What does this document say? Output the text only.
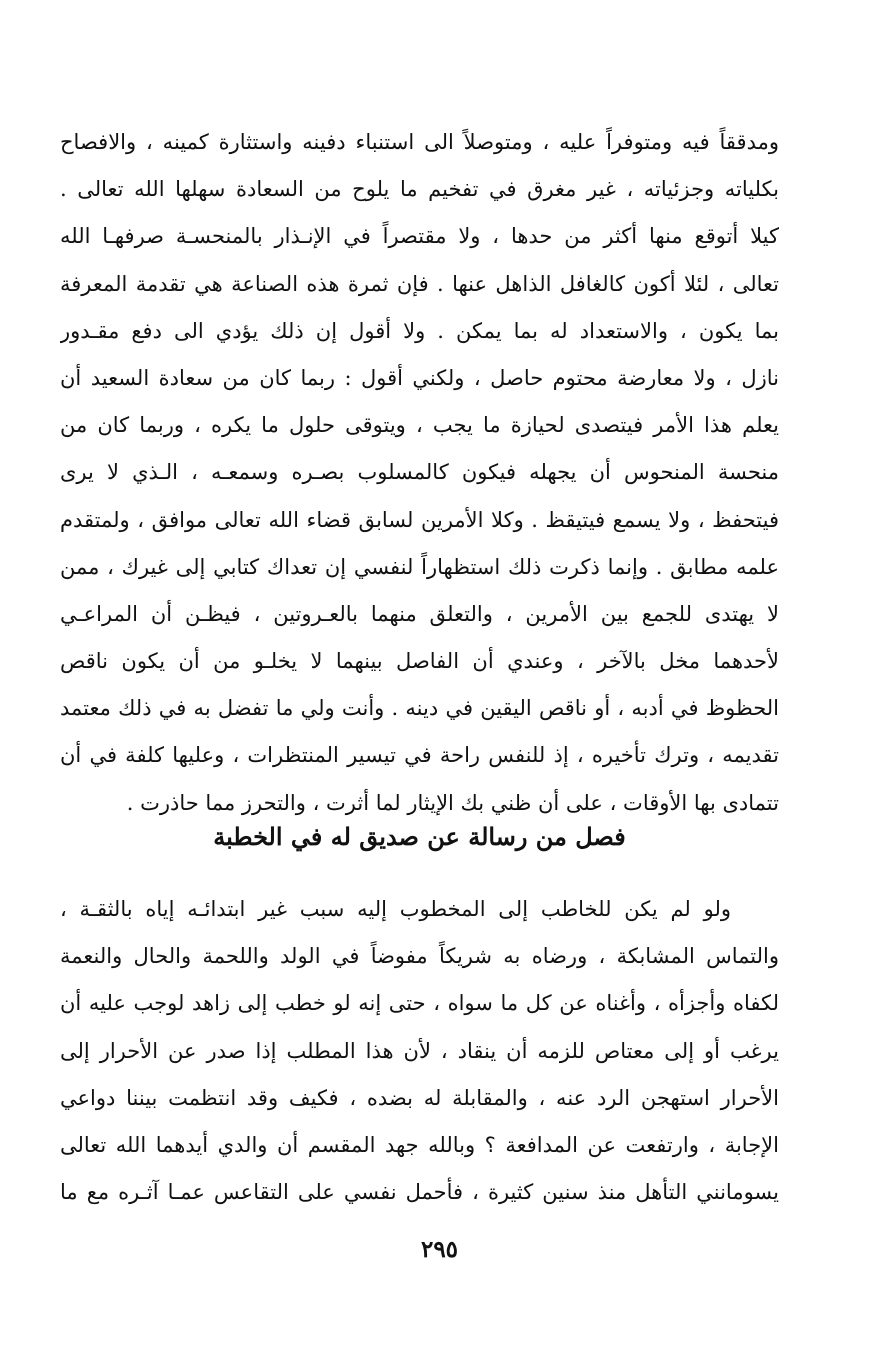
ومدققاً فيه ومتوفراً عليه ، ومتوصلاً الى استنباء دفينه واستثارة كمينه ، والافصاح
بكلياته وجزئياته ، غير مغرق في تفخيم ما يلوح من السعادة سهلها الله تعالى .
كيلا أتوقع منها أكثر من حدها ، ولا مقتصراً في الإنـذار بالمنحسـة صرفهـا الله
تعالى ، لئلا أكون كالغافل الذاهل عنها . فإن ثمرة هذه الصناعة هي تقدمة المعرفة
بما يكون ، والاستعداد له بما يمكن . ولا أقول إن ذلك يؤدي الى دفع مقـدور
نازل ، ولا معارضة محتوم حاصل ، ولكني أقول : ربما كان من سعادة السعيد أن
يعلم هذا الأمر فيتصدى لحيازة ما يجب ، ويتوقى حلول ما يكره ، وربما كان من
منحسة المنحوس أن يجهله فيكون كالمسلوب بصـره وسمعـه ، الـذي لا يرى
فيتحفظ ، ولا يسمع فيتيقظ . وكلا الأمرين لسابق قضاء الله تعالى موافق ، ولمتقدم
علمه مطابق . وإنما ذكرت ذلك استظهاراً لنفسي إن تعداك كتابي إلى غيرك ، ممن
لا يهتدى للجمع بين الأمرين ، والتعلق منهما بالعـروتين ، فيظـن أن المراعـي
لأحدهما مخل بالآخر ، وعندي أن الفاصل بينهما لا يخلـو من أن يكون ناقص
الحظوظ في أدبه ، أو ناقص اليقين في دينه . وأنت ولي ما تفضل به في ذلك معتمد
تقديمه ، وترك تأخيره ، إذ للنفس راحة في تيسير المنتظرات ، وعليها كلفة في أن
تتمادى بها الأوقات ، على أن ظني بك الإيثار لما أثرت ، والتحرز مما حاذرت .
فصل من رسالة عن صديق له في الخطبة
ولو لم يكن للخاطب إلى المخطوب إليه سبب غير ابتدائـه إياه بالثقـة ،
والتماس المشابكة ، ورضاه به شريكاً مفوضاً في الولد واللحمة والحال والنعمة
لكفاه وأجزأه ، وأغناه عن كل ما سواه ، حتى إنه لو خطب إلى زاهد لوجب عليه أن
يرغب أو إلى معتاص للزمه أن ينقاد ، لأن هذا المطلب إذا صدر عن الأحرار إلى
الأحرار استهجن الرد عنه ، والمقابلة له بضده ، فكيف وقد انتظمت بيننا دواعي
الإجابة ، وارتفعت عن المدافعة ؟ وبالله جهد المقسم أن والدي أيدهما الله تعالى
يسومانني التأهل منذ سنين كثيرة ، فأحمل نفسي على التقاعس عمـا آثـره مع ما
٢٩٥
